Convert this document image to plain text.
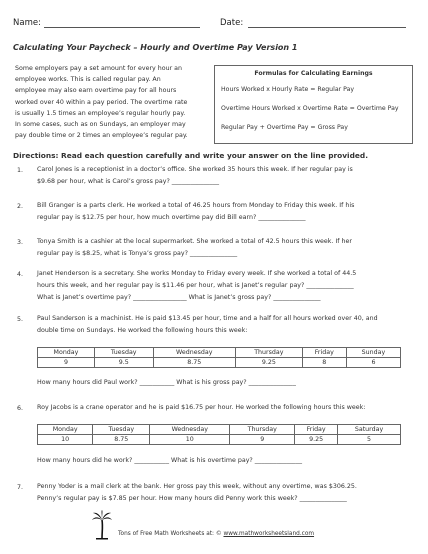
Name:	Date:
Calculating Your Paycheck – Hourly and Overtime Pay Version 1
Some employers pay a set amount for every hour an
employee works. This is called regular pay. An
employee may also earn overtime pay for all hours
worked over 40 within a pay period. The overtime rate
is usually 1.5 times an employee’s regular hourly pay.
In some cases, such as on Sundays, an employer may
pay double time or 2 times an employee’s regular pay.
Formulas for Calculating Earnings
Hours Worked x Hourly Rate = Regular Pay
Overtime Hours Worked x Overtime Rate = Overtime Pay
Regular Pay + Overtime Pay = Gross Pay
Directions: Read each question carefully and write your answer on the line provided.
1. Carol Jones is a receptionist in a doctor’s office. She worked 35 hours this week. If her regular pay is
$9.68 per hour, what is Carol’s gross pay? _______________
2. Bill Granger is a parts clerk. He worked a total of 46.25 hours from Monday to Friday this week. If his
regular pay is $12.75 per hour, how much overtime pay did Bill earn? _______________
3. Tonya Smith is a cashier at the local supermarket. She worked a total of 42.5 hours this week. If her
regular pay is $8.25, what is Tonya’s gross pay? _______________
4. Janet Henderson is a secretary. She works Monday to Friday every week. If she worked a total of 44.5
hours this week, and her regular pay is $11.46 per hour, what is Janet’s regular pay? _______________
What is Janet’s overtime pay? _________________ What is Janet’s gross pay? _______________
5. Paul Sanderson is a machinist. He is paid $13.45 per hour, time and a half for all hours worked over 40, and
double time on Sundays. He worked the following hours this week:
Monday	Tuesday	Wednesday	Thursday	Friday	Sunday
9	9.5	8.75	9.25	8	6
How many hours did Paul work? ___________ What is his gross pay? _______________
6. Roy Jacobs is a crane operator and he is paid $16.75 per hour. He worked the following hours this week:
Monday	Tuesday	Wednesday	Thursday	Friday	Saturday
10	8.75	10	9	9.25	5
How many hours did he work? ___________ What is his overtime pay? _______________
7. Penny Yoder is a mail clerk at the bank. Her gross pay this week, without any overtime, was $306.25.
Penny’s regular pay is $7.85 per hour. How many hours did Penny work this week? _______________
Tons of Free Math Worksheets at: © www.mathworksheetsland.com
